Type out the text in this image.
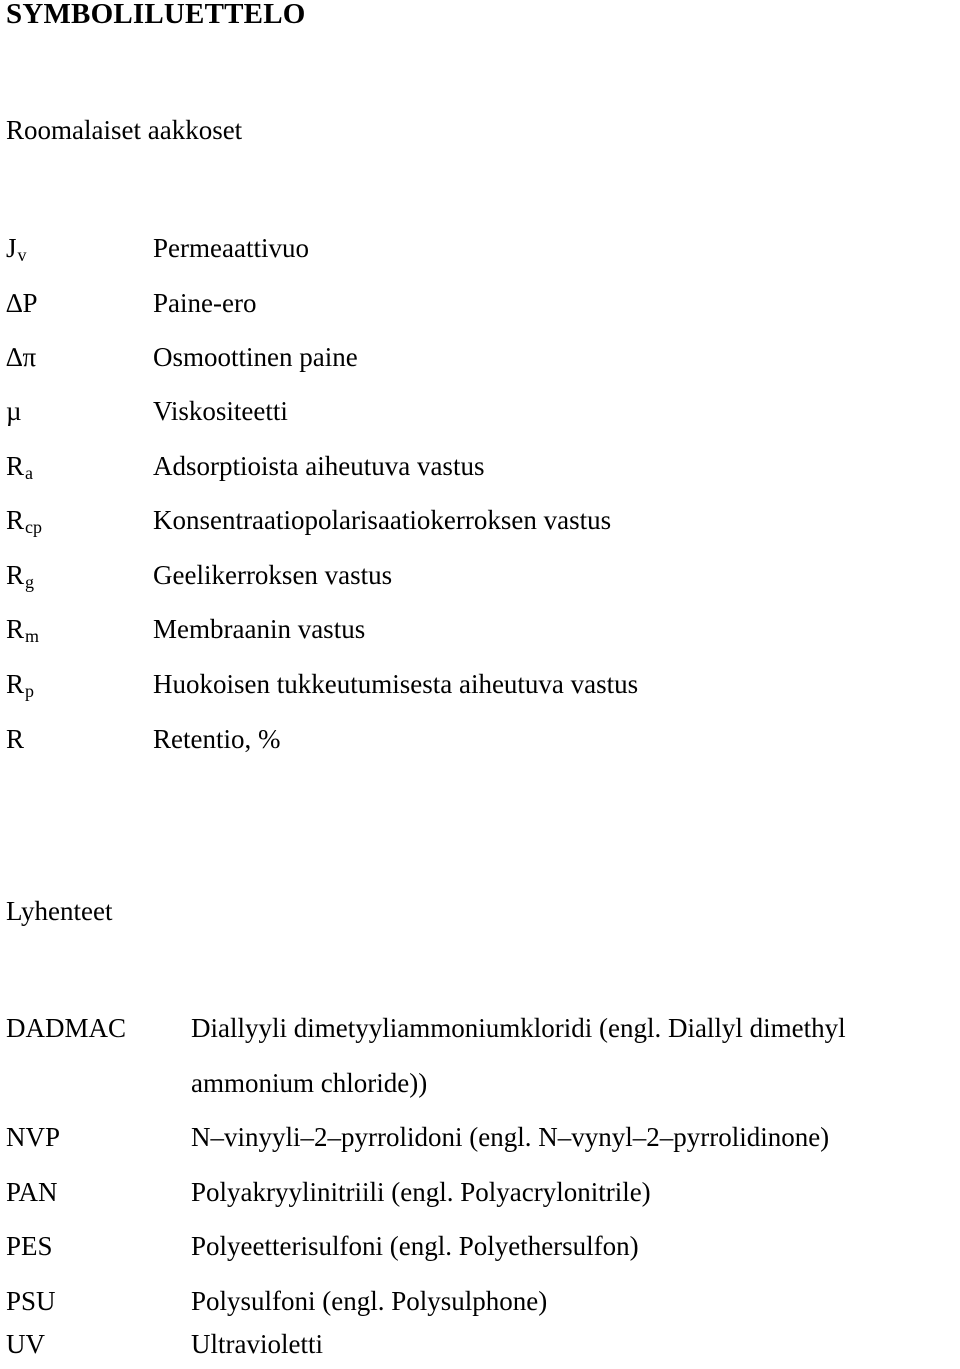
SYMBOLILUETTELO
Roomalaiset aakkoset
$J_v$	Permeaattivuo
∆P	Paine-ero
∆π	Osmoottinen paine
µ	Viskositeetti
$R_a$	Adsorptioista aiheutuva vastus
$R_{cp}$	Konsentraatiopolarisaatiokerroksen vastus
$R_g$	Geelikerroksen vastus
$R_m$	Membraanin vastus
$R_p$	Huokoisen tukkeutumisesta aiheutuva vastus
R	Retentio, %
Lyhenteet
DADMAC Diallyyli dimetyyliammoniumkloridi (engl. Diallyl dimethyl
ammonium chloride))
NVP	N–vinyyli–2–pyrrolidoni (engl. N–vynyl–2–pyrrolidinone)
PAN	Polyakryylinitriili (engl. Polyacrylonitrile)
PES	Polyeetterisulfoni (engl. Polyethersulfon)
PSU	Polysulfoni (engl. Polysulphone)
UV	Ultravioletti
